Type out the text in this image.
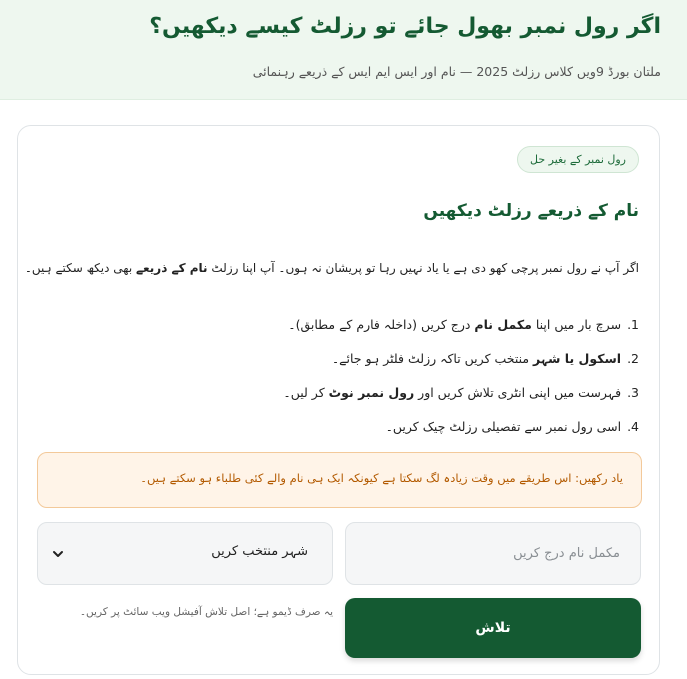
اگر رول نمبر بھول جائے تو رزلٹ کیسے دیکھیں؟
ملتان بورڈ 9ویں کلاس رزلٹ 2025 — نام اور ایس ایم ایس کے ذریعے رہنمائی
رول نمبر کے بغیر حل
نام کے ذریعے رزلٹ دیکھیں

اگر آپ نے رول نمبر پرچی کھو دی ہے یا یاد نہیں رہا تو پریشان نہ ہوں۔ آپ اپنا رزلٹ نام کے ذریعے بھی دیکھ سکتے ہیں۔

1.سرچ بار میں اپنا مکمل نام درج کریں (داخلہ فارم کے مطابق)۔
2.اسکول یا شہر منتخب کریں تاکہ رزلٹ فلٹر ہو جائے۔
3.فہرست میں اپنی انٹری تلاش کریں اور رول نمبر نوٹ کر لیں۔
4.اسی رول نمبر سے تفصیلی رزلٹ چیک کریں۔
یاد رکھیں: اس طریقے میں وقت زیادہ لگ سکتا ہے کیونکہ ایک ہی نام والے کئی طلباء ہو سکتے ہیں۔
مکمل نام درج کریں
شہر منتخب کریں
تلاش
یہ صرف ڈیمو ہے؛ اصل تلاش آفیشل ویب سائٹ پر کریں۔
